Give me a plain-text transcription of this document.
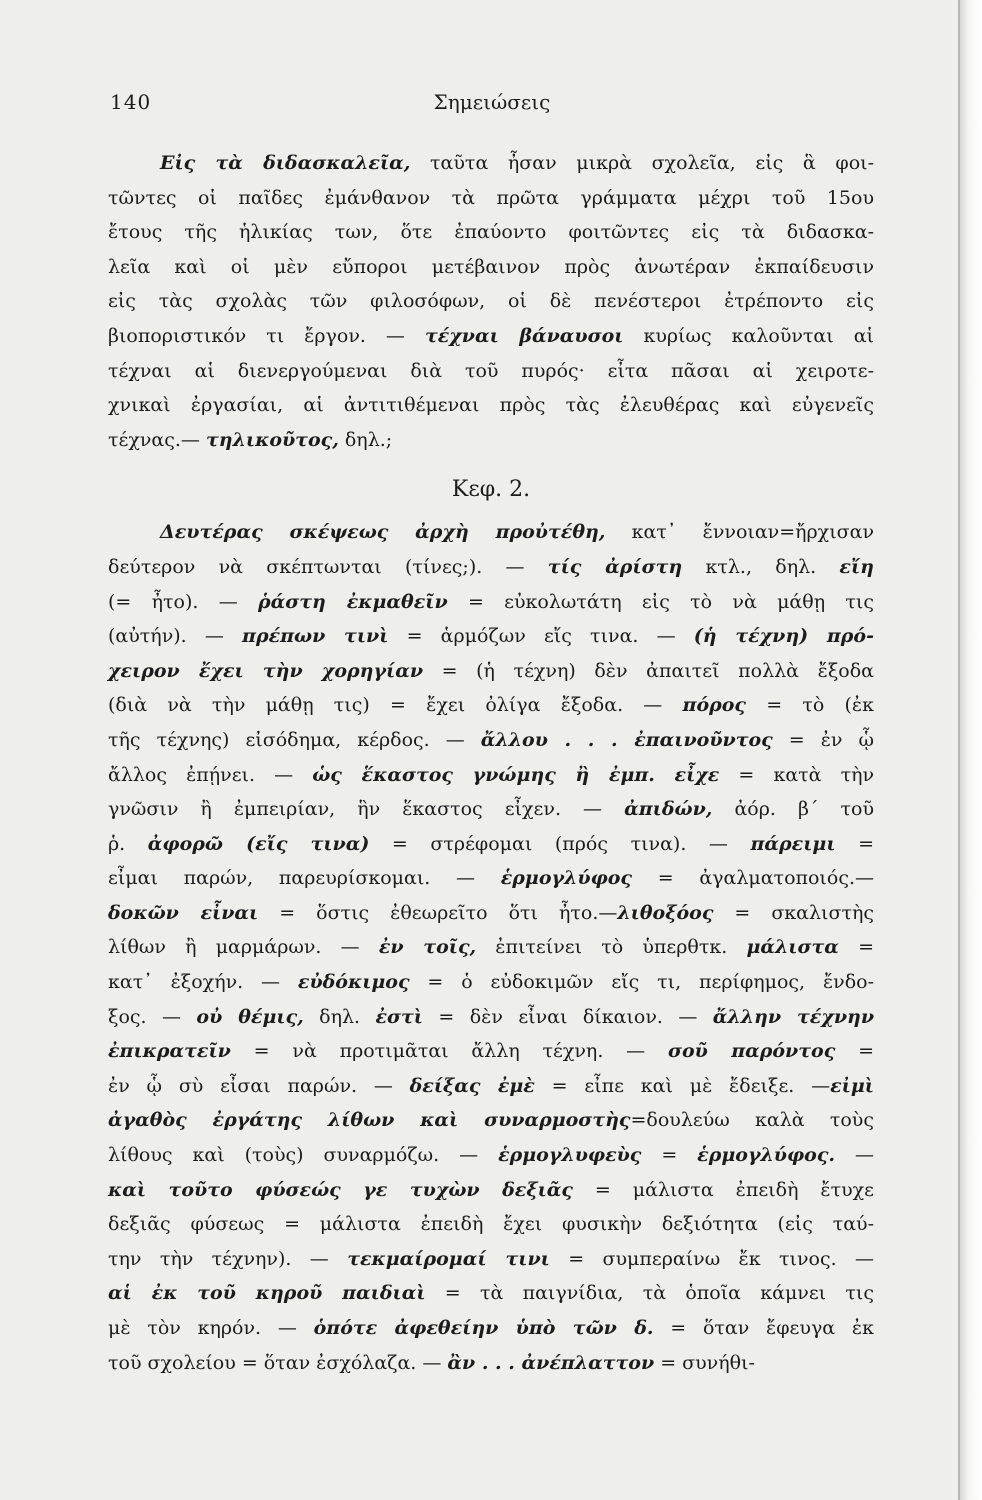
140	Σημειώσεις
Εἰς τὰ διδασκαλεῖα, ταῦτα ἦσαν μικρὰ σχολεῖα, εἰς ἃ φοι-
τῶντες οἱ παῖδες ἐμάνθανον τὰ πρῶτα γράμματα μέχρι τοῦ 15ου
ἔτους τῆς ἡλικίας των, ὅτε ἐπαύοντο φοιτῶντες εἰς τὰ διδασκα-
λεῖα καὶ οἱ μὲν εὔποροι μετέβαινον πρὸς ἀνωτέραν ἐκπαίδευσιν
εἰς τὰς σχολὰς τῶν φιλοσόφων, οἱ δὲ πενέστεροι ἐτρέποντο εἰς
βιοποριστικόν τι ἔργον. — τέχναι βάναυσοι κυρίως καλοῦνται αἱ
τέχναι αἱ διενεργούμεναι διὰ τοῦ πυρός· εἶτα πᾶσαι αἱ χειροτε-
χνικαὶ ἐργασίαι, αἱ ἀντιτιθέμεναι πρὸς τὰς ἐλευθέρας καὶ εὐγενεῖς
τέχνας.— τηλικοῦτος, δηλ.;
Κεφ. 2.
Δευτέρας σκέψεως ἀρχὴ προὐτέθη, κατ᾽ ἔννοιαν=ἤρχισαν
δεύτερον νὰ σκέπτωνται (τίνες;). — τίς ἀρίστη κτλ., δηλ. εἴη
(= ἦτο). — ῥάστη ἐκμαθεῖν = εὐκολωτάτη εἰς τὸ νὰ μάθῃ τις
(αὐτήν). — πρέπων τινὶ = ἁρμόζων εἴς τινα. — (ἡ τέχνη) πρό-
χειρον ἔχει τὴν χορηγίαν = (ἡ τέχνη) δὲν ἀπαιτεῖ πολλὰ ἔξοδα
(διὰ νὰ τὴν μάθῃ τις) = ἔχει ὀλίγα ἔξοδα. — πόρος = τὸ (ἐκ
τῆς τέχνης) εἰσόδημα, κέρδος. — ἄλλου . . . ἐπαινοῦντος = ἐν ᾧ
ἄλλος ἐπῄνει. — ὡς ἕκαστος γνώμης ἢ ἐμπ. εἶχε = κατὰ τὴν
γνῶσιν ἢ ἐμπειρίαν, ἣν ἕκαστος εἶχεν. — ἀπιδών, ἀόρ. β´ τοῦ
ῥ. ἀφορῶ (εἴς τινα) = στρέφομαι (πρός τινα). — πάρειμι =
εἶμαι παρών, παρευρίσκομαι. — ἑρμογλύφος = ἀγαλματοποιός.—
δοκῶν εἶναι = ὅστις ἐθεωρεῖτο ὅτι ἦτο.—λιθοξόος = σκαλιστὴς
λίθων ἢ μαρμάρων. — ἐν τοῖς, ἐπιτείνει τὸ ὑπερθτκ. μάλιστα =
κατ᾽ ἐξοχήν. — εὐδόκιμος = ὁ εὐδοκιμῶν εἴς τι, περίφημος, ἔνδο-
ξος. — οὐ θέμις, δηλ. ἐστὶ = δὲν εἶναι δίκαιον. — ἄλλην τέχνην
ἐπικρατεῖν = νὰ προτιμᾶται ἄλλη τέχνη. — σοῦ παρόντος =
ἐν ᾧ σὺ εἶσαι παρών. — δείξας ἐμὲ = εἶπε καὶ μὲ ἔδειξε. —εἰμὶ
ἀγαθὸς ἐργάτης λίθων καὶ συναρμοστὴς=δουλεύω καλὰ τοὺς
λίθους καὶ (τοὺς) συναρμόζω. — ἑρμογλυφεὺς = ἑρμογλύφος. —
καὶ τοῦτο φύσεώς γε τυχὼν δεξιᾶς = μάλιστα ἐπειδὴ ἔτυχε
δεξιᾶς φύσεως = μάλιστα ἐπειδὴ ἔχει φυσικὴν δεξιότητα (εἰς ταύ-
την τὴν τέχνην). — τεκμαίρομαί τινι = συμπεραίνω ἔκ τινος. —
αἱ ἐκ τοῦ κηροῦ παιδιαὶ = τὰ παιγνίδια, τὰ ὁποῖα κάμνει τις
μὲ τὸν κηρόν. — ὁπότε ἀφεθείην ὑπὸ τῶν δ. = ὅταν ἔφευγα ἐκ
τοῦ σχολείου = ὅταν ἐσχόλαζα. — ἂν . . . ἀνέπλαττον = συνήθι-
